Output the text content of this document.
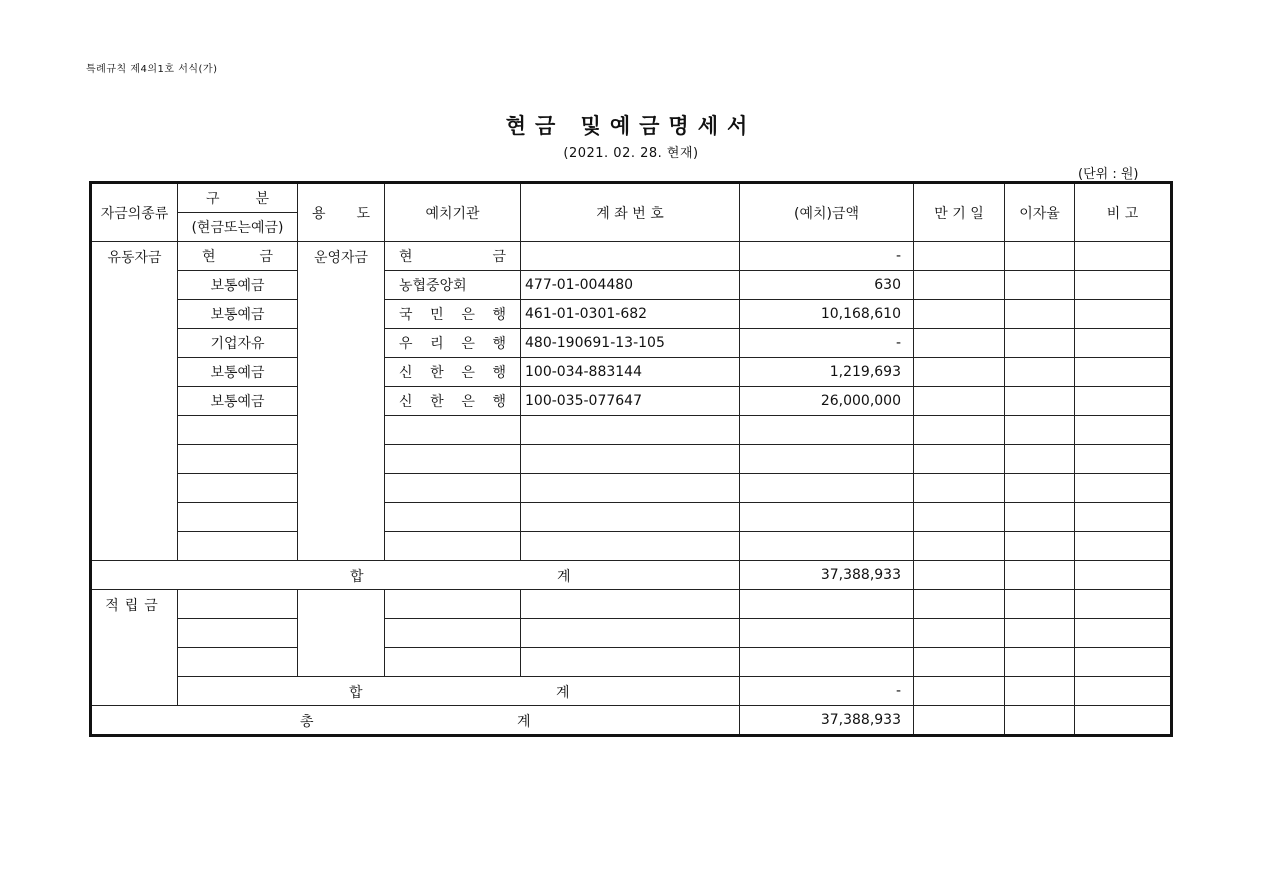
특례규칙 제4의1호 서식(가)
현금 및예금명세서
(2021. 02. 28. 현재)
(단위 : 원)
자금의종류	구 분	용 도	예치기관	계 좌 번 호	(예치)금액	만 기 일	이자율	비 고
	(현금또는예금)							
유동자금	현 금	운영자금	현 금		-			
	보통예금		농협중앙회	477-01-004480	630			
	보통예금		국 민 은 행	461-01-0301-682	10,168,610			
	기업자유		우 리 은 행	480-190691-13-105	-			
	보통예금		신 한 은 행	100-034-883144	1,219,693			
	보통예금		신 한 은 행	100-035-077647	26,000,000			

합 계					37,388,933			
적립금								

	합 계				-			

총 계					37,388,933			
